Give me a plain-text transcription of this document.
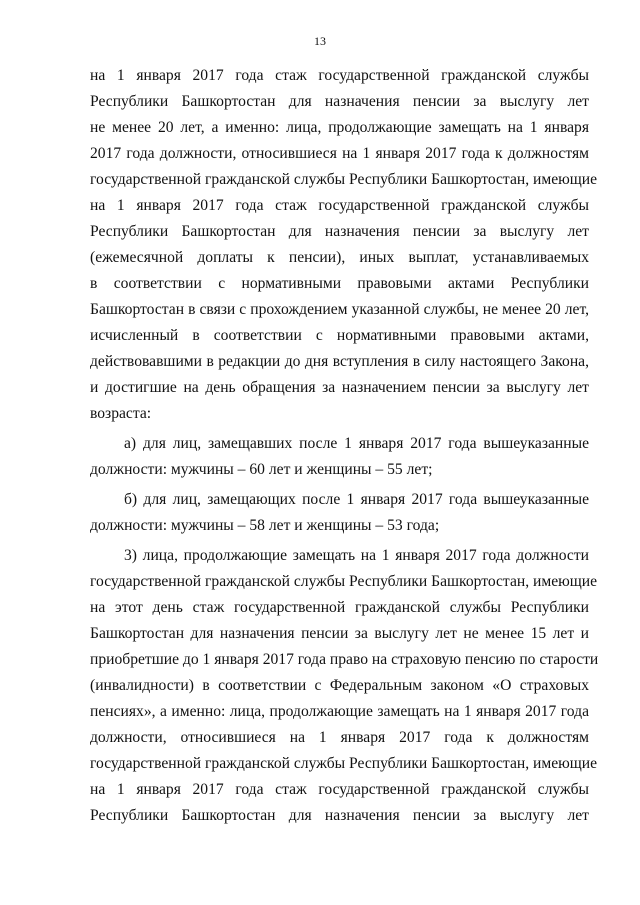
13
на 1 января 2017 года стаж государственной гражданской службы
Республики Башкортостан для назначения пенсии за выслугу лет
не менее 20 лет, а именно: лица, продолжающие замещать на 1 января
2017 года должности, относившиеся на 1 января 2017 года к должностям
государственной гражданской службы Республики Башкортостан, имеющие
на 1 января 2017 года стаж государственной гражданской службы
Республики Башкортостан для назначения пенсии за выслугу лет
(ежемесячной доплаты к пенсии), иных выплат, устанавливаемых
в соответствии с нормативными правовыми актами Республики
Башкортостан в связи с прохождением указанной службы, не менее 20 лет,
исчисленный в соответствии с нормативными правовыми актами,
действовавшими в редакции до дня вступления в силу настоящего Закона,
и достигшие на день обращения за назначением пенсии за выслугу лет
возраста:
а) для лиц, замещавших после 1 января 2017 года вышеуказанные
должности: мужчины – 60 лет и женщины – 55 лет;
б) для лиц, замещающих после 1 января 2017 года вышеуказанные
должности: мужчины – 58 лет и женщины – 53 года;
3) лица, продолжающие замещать на 1 января 2017 года должности
государственной гражданской службы Республики Башкортостан, имеющие
на этот день стаж государственной гражданской службы Республики
Башкортостан для назначения пенсии за выслугу лет не менее 15 лет и
приобретшие до 1 января 2017 года право на страховую пенсию по старости
(инвалидности) в соответствии с Федеральным законом «О страховых
пенсиях», а именно: лица, продолжающие замещать на 1 января 2017 года
должности, относившиеся на 1 января 2017 года к должностям
государственной гражданской службы Республики Башкортостан, имеющие
на 1 января 2017 года стаж государственной гражданской службы
Республики Башкортостан для назначения пенсии за выслугу лет
